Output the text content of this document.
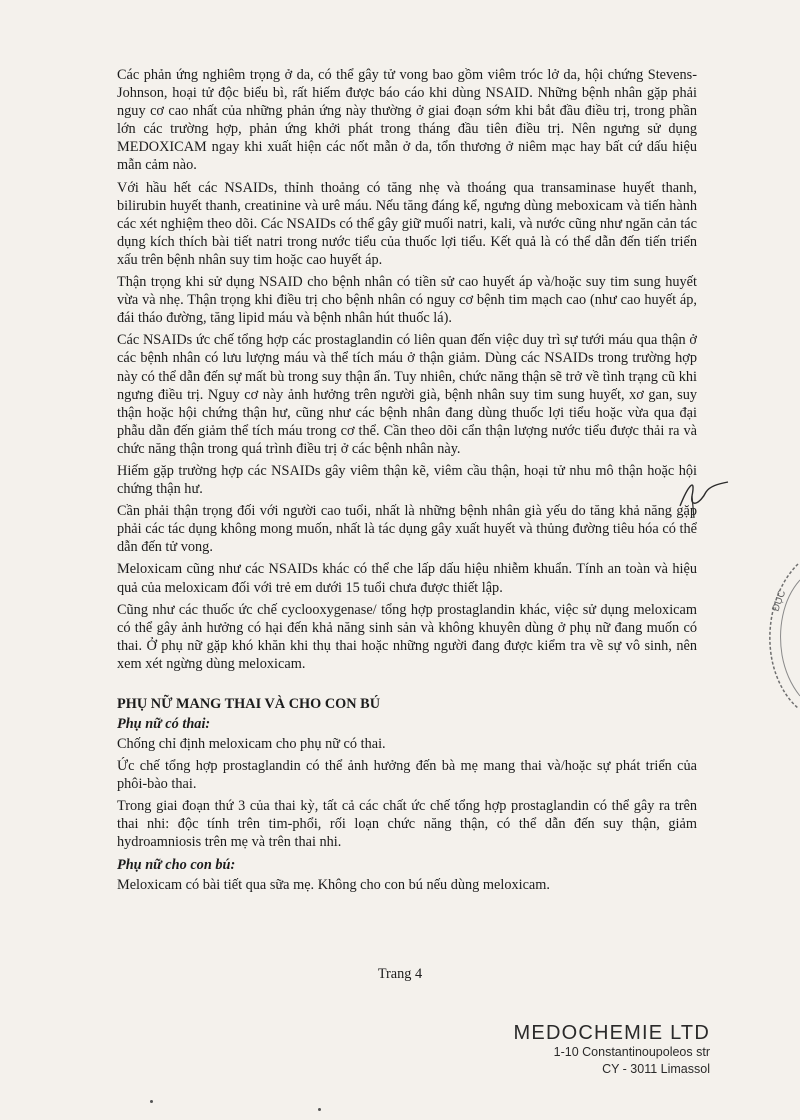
Các phản ứng nghiêm trọng ở da, có thể gây tử vong bao gồm viêm tróc lở da, hội chứng Stevens-Johnson, hoại tử độc biểu bì, rất hiếm được báo cáo khi dùng NSAID. Những bệnh nhân gặp phải nguy cơ cao nhất của những phản ứng này thường ở giai đoạn sớm khi bắt đầu điều trị, trong phần lớn các trường hợp, phản ứng khởi phát trong tháng đầu tiên điều trị. Nên ngưng sử dụng MEDOXICAM ngay khi xuất hiện các nốt mẫn ở da, tổn thương ở niêm mạc hay bất cứ dấu hiệu mẫn cảm nào.

Với hầu hết các NSAIDs, thỉnh thoảng có tăng nhẹ và thoáng qua transaminase huyết thanh, bilirubin huyết thanh, creatinine và urê máu. Nếu tăng đáng kể, ngưng dùng meboxicam và tiến hành các xét nghiệm theo dõi. Các NSAIDs có thể gây giữ muối natri, kali, và nước cũng như ngăn cản tác dụng kích thích bài tiết natri trong nước tiểu của thuốc lợi tiểu. Kết quả là có thể dẫn đến tiến triển xấu trên bệnh nhân suy tim hoặc cao huyết áp.

Thận trọng khi sử dụng NSAID cho bệnh nhân có tiền sử cao huyết áp và/hoặc suy tim sung huyết vừa và nhẹ. Thận trọng khi điều trị cho bệnh nhân có nguy cơ bệnh tim mạch cao (như cao huyết áp, đái tháo đường, tăng lipid máu và bệnh nhân hút thuốc lá).

Các NSAIDs ức chế tổng hợp các prostaglandin có liên quan đến việc duy trì sự tưới máu qua thận ở các bệnh nhân có lưu lượng máu và thể tích máu ở thận giảm. Dùng các NSAIDs trong trường hợp này có thể dẫn đến sự mất bù trong suy thận ẩn. Tuy nhiên, chức năng thận sẽ trở về tình trạng cũ khi ngưng điều trị. Nguy cơ này ảnh hưởng trên người già, bệnh nhân suy tim sung huyết, xơ gan, suy thận hoặc hội chứng thận hư, cũng như các bệnh nhân đang dùng thuốc lợi tiểu hoặc vừa qua đại phẫu dẫn đến giảm thể tích máu trong cơ thể. Cần theo dõi cẩn thận lượng nước tiểu được thải ra và chức năng thận trong quá trình điều trị ở các bệnh nhân này.

Hiếm gặp trường hợp các NSAIDs gây viêm thận kẽ, viêm cầu thận, hoại tử nhu mô thận hoặc hội chứng thận hư.

Cần phải thận trọng đối với người cao tuổi, nhất là những bệnh nhân già yếu do tăng khả năng gặp phải các tác dụng không mong muốn, nhất là tác dụng gây xuất huyết và thủng đường tiêu hóa có thể dẫn đến tử vong.

Meloxicam cũng như các NSAIDs khác có thể che lấp dấu hiệu nhiễm khuẩn. Tính an toàn và hiệu quả của meloxicam đối với trẻ em dưới 15 tuổi chưa được thiết lập.

Cũng như các thuốc ức chế cyclooxygenase/ tổng hợp prostaglandin khác, việc sử dụng meloxicam có thể gây ảnh hưởng có hại đến khả năng sinh sản và không khuyên dùng ở phụ nữ đang muốn có thai. Ở phụ nữ gặp khó khăn khi thụ thai hoặc những người đang được kiểm tra về sự vô sinh, nên xem xét ngừng dùng meloxicam.

PHỤ NỮ MANG THAI VÀ CHO CON BÚ
Phụ nữ có thai:

Chống chỉ định meloxicam cho phụ nữ có thai.

Ức chế tổng hợp prostaglandin có thể ảnh hưởng đến bà mẹ mang thai và/hoặc sự phát triển của phôi-bào thai.

Trong giai đoạn thứ 3 của thai kỳ, tất cả các chất ức chế tổng hợp prostaglandin có thể gây ra trên thai nhi: độc tính trên tim-phổi, rối loạn chức năng thận, có thể dẫn đến suy thận, giảm hydroamniosis trên mẹ và trên thai nhi.

Phụ nữ cho con bú:

Meloxicam có bài tiết qua sữa mẹ. Không cho con bú nếu dùng meloxicam.

Trang 4
MEDOCHEMIE LTD
1-10 Constantinoupoleos str
CY - 3011 Limassol
ĐỤC
